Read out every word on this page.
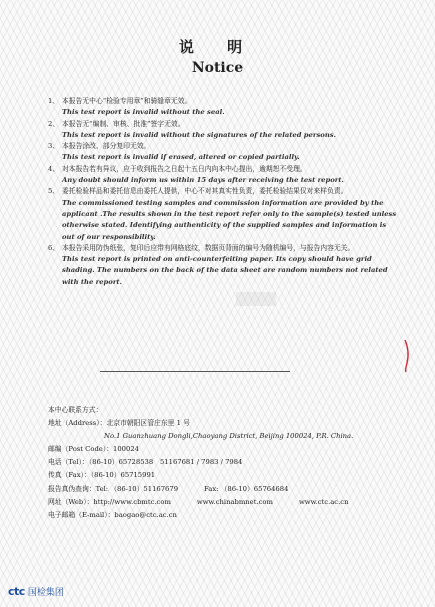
说 明
Notice
1、 本报告无中心“检验专用章”和骑缝章无效。
This test report is invalid without the seal.
2、 本报告无“编制、审核、批准”签字无效。
This test report is invalid without the signatures of the related persons.
3、 本报告涂改、部分复印无效。
This test report is invalid if erased, altered or copied partially.
4、 对本报告若有异议，应于收到报告之日起十五日内向本中心提出，逾期恕不受理。
Any doubt should inform us within 15 days after receiving the test report.
5、 委托检验样品和委托信息由委托人提供，中心不对其真实性负责，委托检验结果仅对来样负责。
The commissioned testing samples and commission information are provided by the applicant .The results shown in the test report refer only to the sample(s) tested unless otherwise stated. Identifying authenticity of the supplied samples and information is out of our responsibility.
6、 本报告采用防伪纸张，复印后应带有网格底纹，数据页背面的编号为随机编号，与报告内容无关。
This test report is printed on anti-counterfeiting paper. Its copy should have grid shading. The numbers on the back of the data sheet are random numbers not related with the report.
本中心联系方式：
地址（Address）：北京市朝阳区管庄东里 1 号
No.1 Guanzhuang Dongli,Chaoyang District, Beijing 100024, P.R. China.
邮编（Post Code）：100024
电话（Tel）：（86-10）65728538　51167681 / 7983 / 7984
传真（Fax）：（86-10）65715991
报告真伪查询：Tel: （86-10）51167679	Fax: （86-10）65764684
网址（Web）：http://www.cbmtc.com	www.chinabmnet.com	www.ctc.ac.cn
电子邮箱（E-mail）：baogao@ctc.ac.cn
ctc 国检集团
